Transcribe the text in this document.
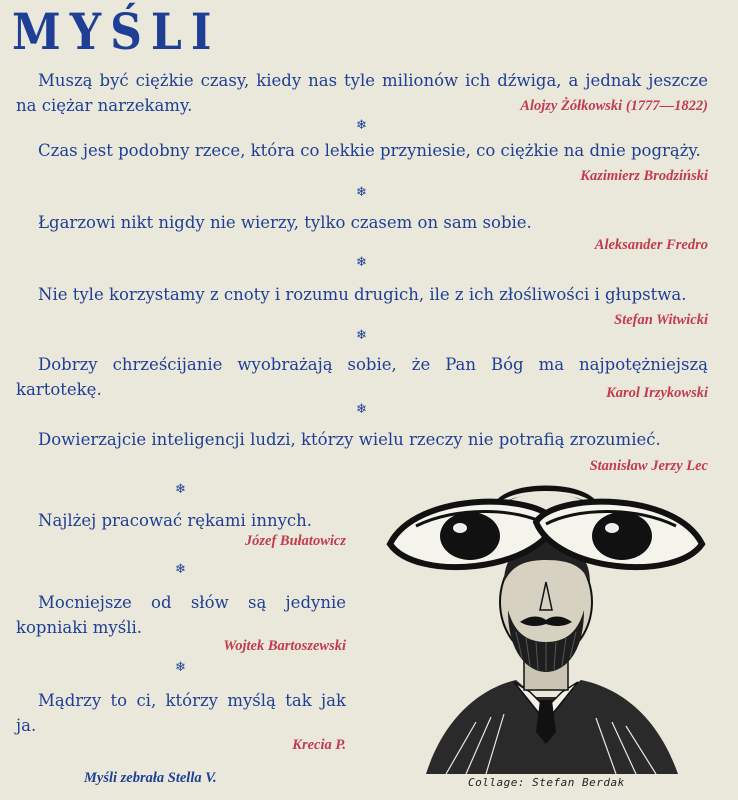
MYŚLI

Muszą być ciężkie czasy, kiedy nas tyle milionów ich dźwiga, a jednak jeszcze na ciężar narzekamy.	Alojzy Żółkowski (1777—1822)

❄

Czas jest podobny rzece, która co lekkie przyniesie, co ciężkie na dnie pogrąży.

Kazimierz Brodziński

❄

Łgarzowi nikt nigdy nie wierzy, tylko czasem on sam sobie.

Aleksander Fredro

❄

Nie tyle korzystamy z cnoty i rozumu drugich, ile z ich złośliwości i głupstwa.

Stefan Witwicki

❄

Dobrzy chrześcijanie wyobrażają sobie, że Pan Bóg ma najpotężniejszą kartotekę.	Karol Irzykowski

❄

Dowierzajcie inteligencji ludzi, którzy wielu rzeczy nie potrafią zrozumieć.

Stanisław Jerzy Lec

❄

Najlżej pracować rękami innych.

Józef Bułatowicz

❄

Mocniejsze od słów są jedynie kopniaki myśli.

Wojtek Bartoszewski

❄

Mądrzy to ci, którzy myślą tak jak ja.

Krecia P.

Myśli zebrała Stella V.	Collage: Stefan Berdak
